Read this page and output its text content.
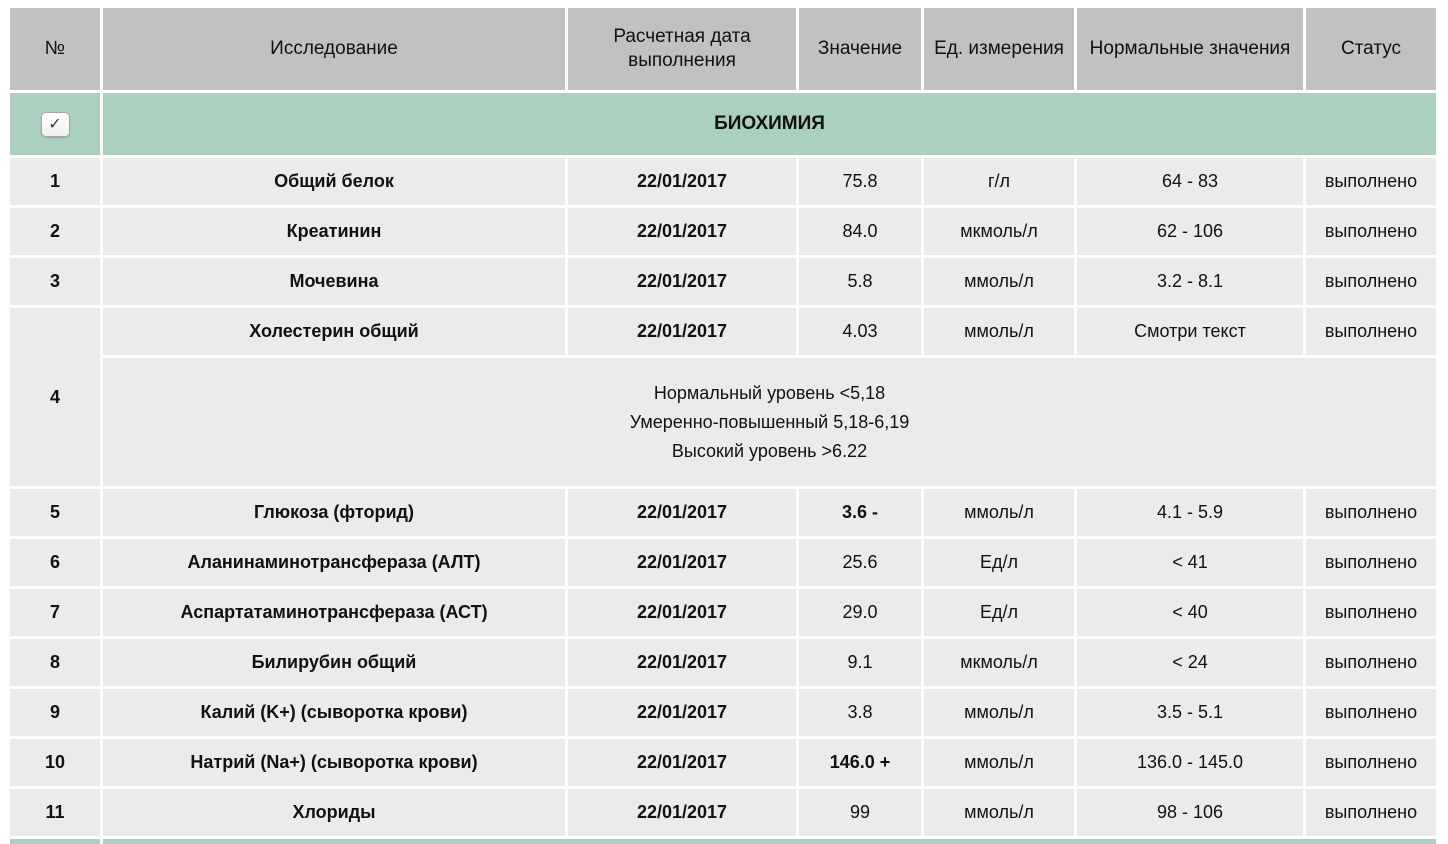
№	Исследование	Расчетная дата выполнения	Значение	Ед. измерения	Нормальные значения	Статус

✓	БИОХИМИЯ					
1	Общий белок	22/01/2017	75.8	г/л	64 - 83	выполнено
2	Креатинин	22/01/2017	84.0	мкмоль/л	62 - 106	выполнено
3	Мочевина	22/01/2017	5.8	ммоль/л	3.2 - 8.1	выполнено
4	Холестерин общий	22/01/2017	4.03	ммоль/л	Смотри текст	выполнено

	Нормальный уровень <5,18
Умеренно-повышенный 5,18-6,19
Высокий уровень >6.22					

5	Глюкоза (фторид)	22/01/2017	3.6 -	ммоль/л	4.1 - 5.9	выполнено
6	Аланинаминотрансфераза (АЛТ)	22/01/2017	25.6	Ед/л	< 41	выполнено
7	Аспартатаминотрансфераза (АСТ)	22/01/2017	29.0	Ед/л	< 40	выполнено
8	Билирубин общий	22/01/2017	9.1	мкмоль/л	< 24	выполнено
9	Калий (K+) (сыворотка крови)	22/01/2017	3.8	ммоль/л	3.5 - 5.1	выполнено
10	Натрий (Na+) (сыворотка крови)	22/01/2017	146.0 +	ммоль/л	136.0 - 145.0	выполнено
11	Хлориды	22/01/2017	99	ммоль/л	98 - 106	выполнено
